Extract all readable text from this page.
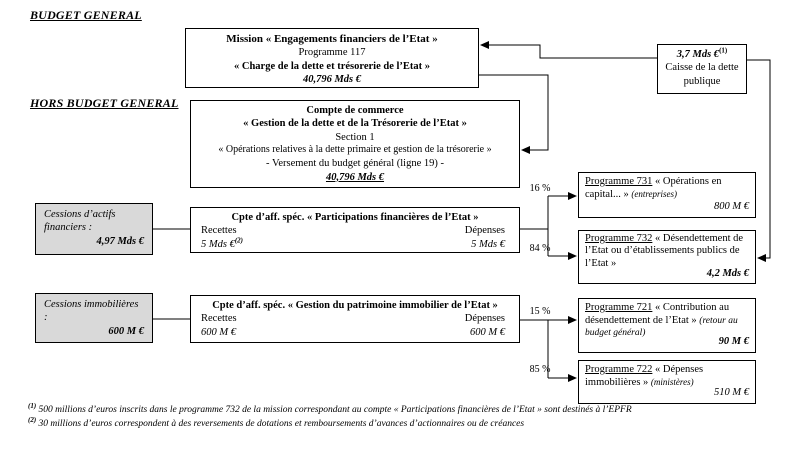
BUDGET GENERAL
HORS BUDGET GENERAL
Mission « Engagements financiers de l’Etat »
Programme 117
« Charge de la dette et trésorerie de l’Etat »
40,796 Mds €
3,7 Mds €$^{(1)}$
Caisse de la dette publique
Compte de commerce
« Gestion de la dette et de la Trésorerie de l’Etat »
Section 1
« Opérations relatives à la dette primaire et gestion de la trésorerie »
- Versement du budget général (ligne 19) -
40,796 Mds €
Cessions d’actifs financiers :
4,97 Mds €
Cpte d’aff. spéc. « Participations financières de l’Etat »
Recettes	Dépenses
5 Mds €$^{(2)}$	5 Mds €
Cessions immobilières :
600 M €
Cpte d’aff. spéc. « Gestion du patrimoine immobilier de l’Etat »
Recettes	Dépenses
600 M €	600 M €
Programme 731 « Opérations en capital... » (entreprises)
800 M €
Programme 732 « Désendettement de l’Etat ou d’établissements publics de l’Etat »
4,2 Mds €
Programme 721 « Contribution au désendettement de l’Etat » (retour au budget général)
90 M €
Programme 722 « Dépenses immobilières » (ministères)
510 M €
16 %
84 %
15 %
85 %
$^{(1)}$ 500 millions d’euros inscrits dans le programme 732 de la mission correspondant au compte « Participations financières de l’Etat » sont destinés à l’EPFR
$^{(2)}$ 30 millions d’euros correspondent à des reversements de dotations et remboursements d’avances d’actionnaires ou de créances
